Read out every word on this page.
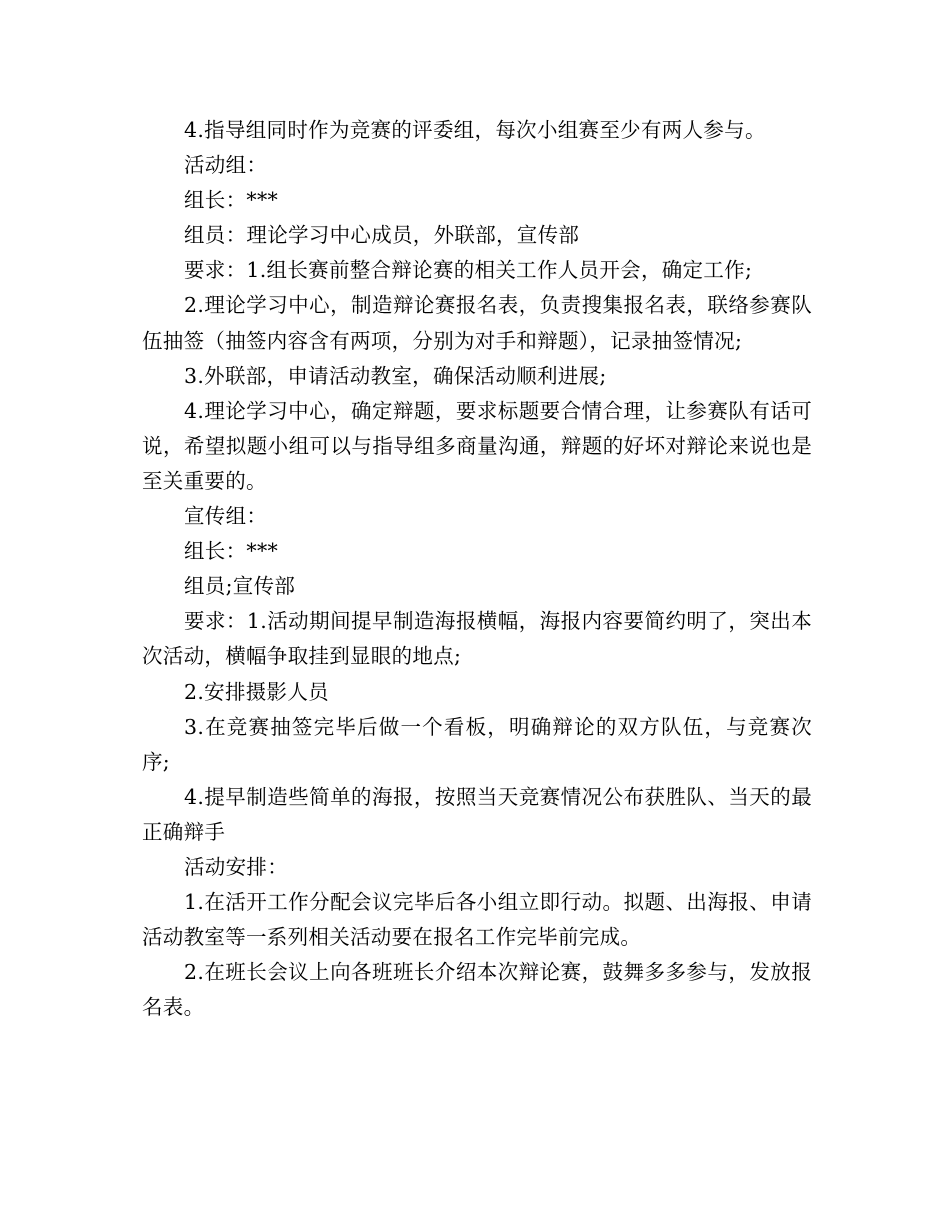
4.指导组同时作为竞赛的评委组，每次小组赛至少有两人参与。

活动组：

组长：***

组员：理论学习中心成员，外联部，宣传部

要求：1.组长赛前整合辩论赛的相关工作人员开会，确定工作;

2.理论学习中心，制造辩论赛报名表，负责搜集报名表，联络参赛队伍抽签（抽签内容含有两项，分别为对手和辩题），记录抽签情况;

3.外联部，申请活动教室，确保活动顺利进展;

4.理论学习中心，确定辩题，要求标题要合情合理，让参赛队有话可说，希望拟题小组可以与指导组多商量沟通，辩题的好坏对辩论来说也是至关重要的。

宣传组：

组长：***

组员;宣传部

要求：1.活动期间提早制造海报横幅，海报内容要简约明了，突出本次活动，横幅争取挂到显眼的地点;

2.安排摄影人员

3.在竞赛抽签完毕后做一个看板，明确辩论的双方队伍，与竞赛次序;

4.提早制造些简单的海报，按照当天竞赛情况公布获胜队、当天的最正确辩手

活动安排：

1.在活开工作分配会议完毕后各小组立即行动。拟题、出海报、申请活动教室等一系列相关活动要在报名工作完毕前完成。

2.在班长会议上向各班班长介绍本次辩论赛，鼓舞多多参与，发放报名表。
